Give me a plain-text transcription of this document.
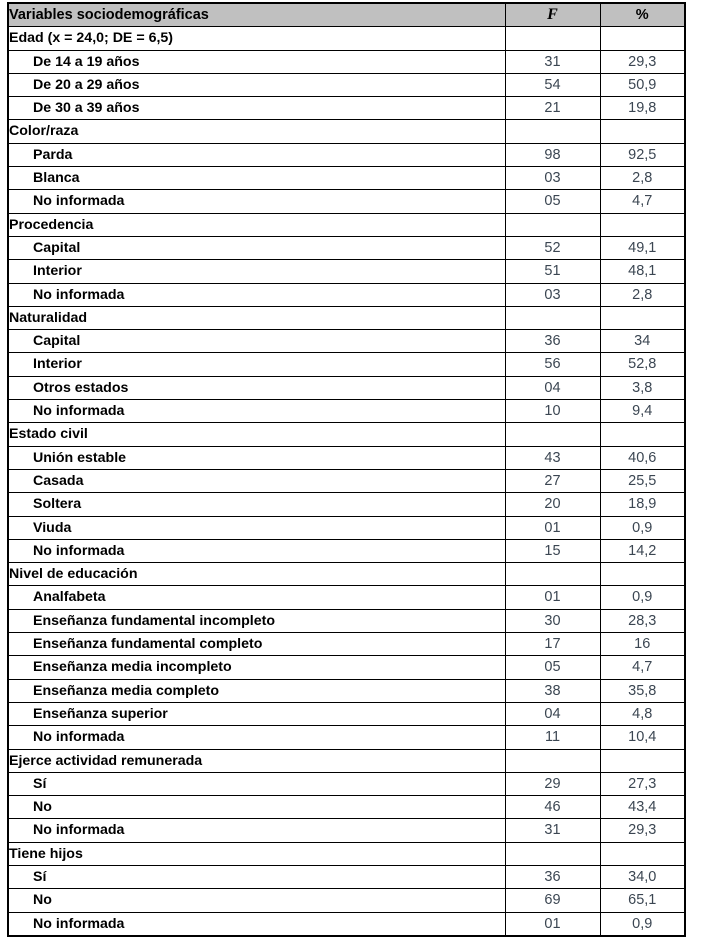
Variables sociodemográficas	F	%
Edad (x = 24,0; DE = 6,5)		
De 14 a 19 años	31	29,3
De 20 a 29 años	54	50,9
De 30 a 39 años	21	19,8
Color/raza		
Parda	98	92,5
Blanca	03	2,8
No informada	05	4,7
Procedencia		
Capital	52	49,1
Interior	51	48,1
No informada	03	2,8
Naturalidad		
Capital	36	34
Interior	56	52,8
Otros estados	04	3,8
No informada	10	9,4
Estado civil		
Unión estable	43	40,6
Casada	27	25,5
Soltera	20	18,9
Viuda	01	0,9
No informada	15	14,2
Nivel de educación		
Analfabeta	01	0,9
Enseñanza fundamental incompleto	30	28,3
Enseñanza fundamental completo	17	16
Enseñanza media incompleto	05	4,7
Enseñanza media completo	38	35,8
Enseñanza superior	04	4,8
No informada	11	10,4
Ejerce actividad remunerada		
Sí	29	27,3
No	46	43,4
No informada	31	29,3
Tiene hijos		
Sí	36	34,0
No	69	65,1
No informada	01	0,9
